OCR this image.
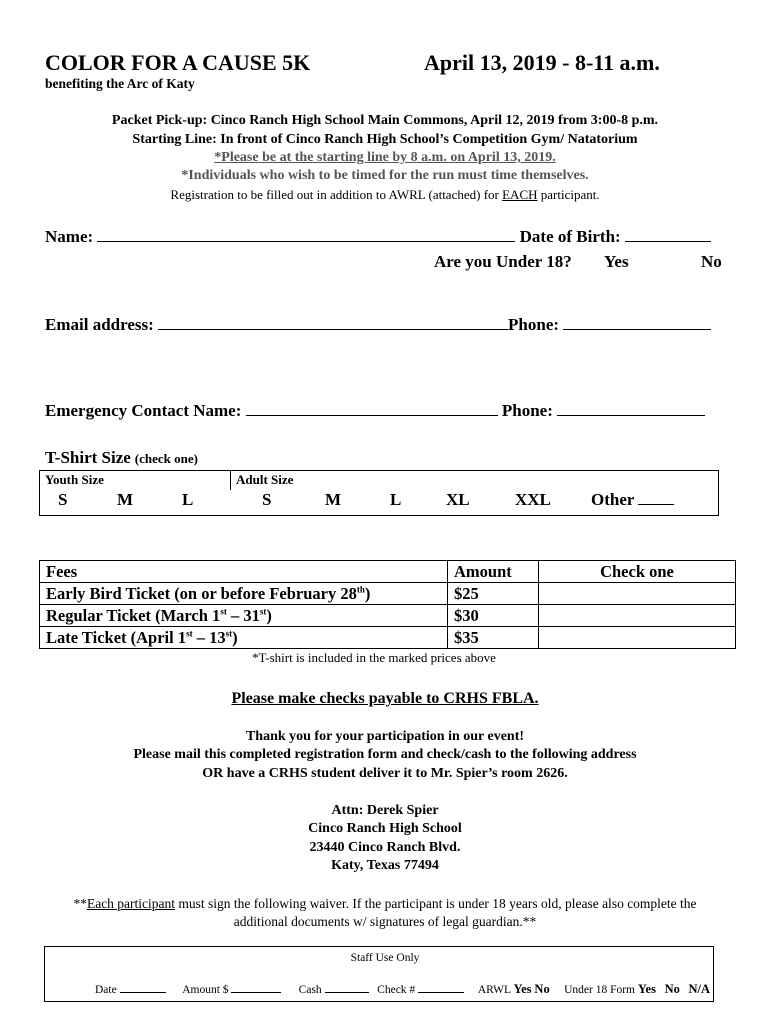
COLOR FOR A CAUSE 5K	April 13, 2019 - 8-11 a.m.
benefiting the Arc of Katy
Packet Pick-up: Cinco Ranch High School Main Commons, April 12, 2019 from 3:00-8 p.m.
Starting Line: In front of Cinco Ranch High School’s Competition Gym/ Natatorium
*Please be at the starting line by 8 a.m. on April 13, 2019.
*Individuals who wish to be timed for the run must time themselves.
Registration to be filled out in addition to AWRL (attached) for EACH participant.
Name:	Date of Birth:
Are you Under 18? Yes	No
Email address:	Phone:
Emergency Contact Name:	Phone:
T-Shirt Size (check one)
Youth Size	Adult Size
S	M	L	S	M	L	XL	XXL Other
Fees	Amount	Check one
Early Bird Ticket (on or before February 28th)	$25	
Regular Ticket (March 1st – 31st)	$30	
Late Ticket (April 1st – 13st)	$35	
*T-shirt is included in the marked prices above
Please make checks payable to CRHS FBLA.
Thank you for your participation in our event!
Please mail this completed registration form and check/cash to the following address
OR have a CRHS student deliver it to Mr. Spier’s room 2626.
Attn: Derek Spier
Cinco Ranch High School
23440 Cinco Ranch Blvd.
Katy, Texas 77494
**Each participant must sign the following waiver. If the participant is under 18 years old, please also complete the
additional documents w/ signatures of legal guardian.**
Staff Use Only
Date	Amount $	Cash	Check #	ARWL Yes No Under 18 Form Yes No N/A
